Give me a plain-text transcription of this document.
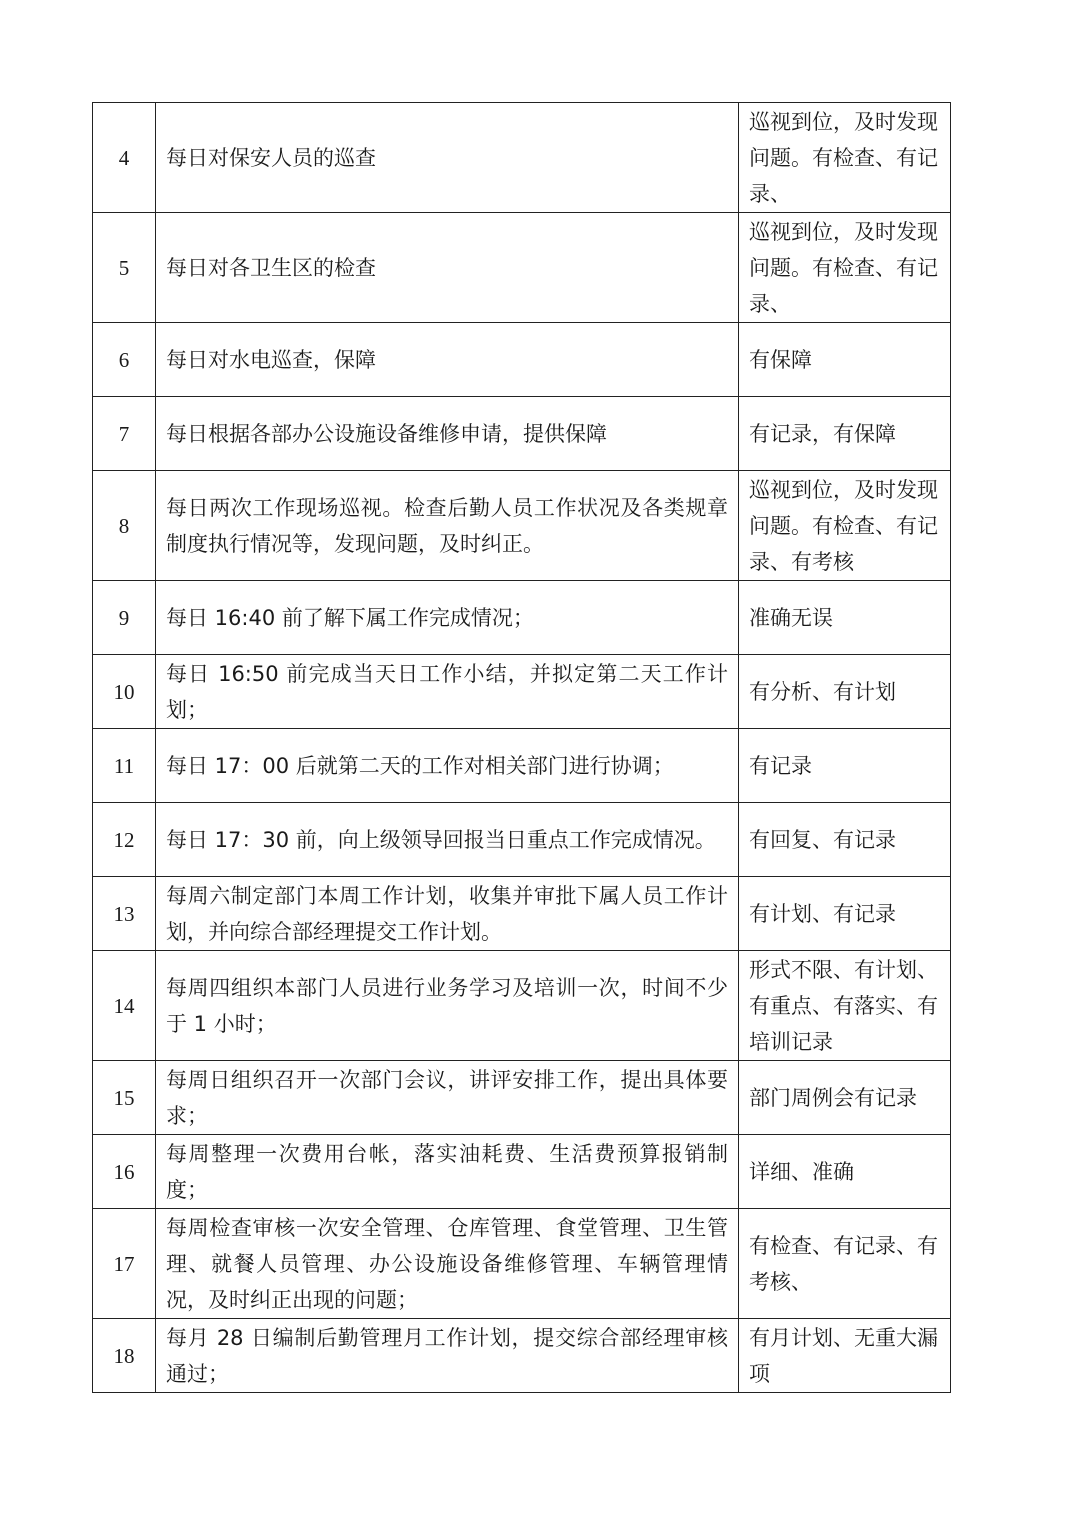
4	每日对保安人员的巡查	巡视到位，及时发现问题。有检查、有记录、
5	每日对各卫生区的检查	巡视到位，及时发现问题。有检查、有记录、
6	每日对水电巡查，保障	有保障
7	每日根据各部办公设施设备维修申请，提供保障	有记录，有保障
8	每日两次工作现场巡视。检查后勤人员工作状况及各类规章制度执行情况等，发现问题，及时纠正。	巡视到位，及时发现问题。有检查、有记录、有考核
9	每日 16:40 前了解下属工作完成情况；	准确无误
10	每日 16:50 前完成当天日工作小结，并拟定第二天工作计划；	有分析、有计划
11	每日 17：00 后就第二天的工作对相关部门进行协调；	有记录
12	每日 17：30 前，向上级领导回报当日重点工作完成情况。	有回复、有记录
13	每周六制定部门本周工作计划，收集并审批下属人员工作计划，并向综合部经理提交工作计划。	有计划、有记录
14	每周四组织本部门人员进行业务学习及培训一次，时间不少于 1 小时；	形式不限、有计划、有重点、有落实、有培训记录
15	每周日组织召开一次部门会议，讲评安排工作，提出具体要求；	部门周例会有记录
16	每周整理一次费用台帐，落实油耗费、生活费预算报销制度；	详细、准确
17	每周检查审核一次安全管理、仓库管理、食堂管理、卫生管理、就餐人员管理、办公设施设备维修管理、车辆管理情况，及时纠正出现的问题；	有检查、有记录、有考核、
18	每月 28 日编制后勤管理月工作计划，提交综合部经理审核通过；	有月计划、无重大漏项
